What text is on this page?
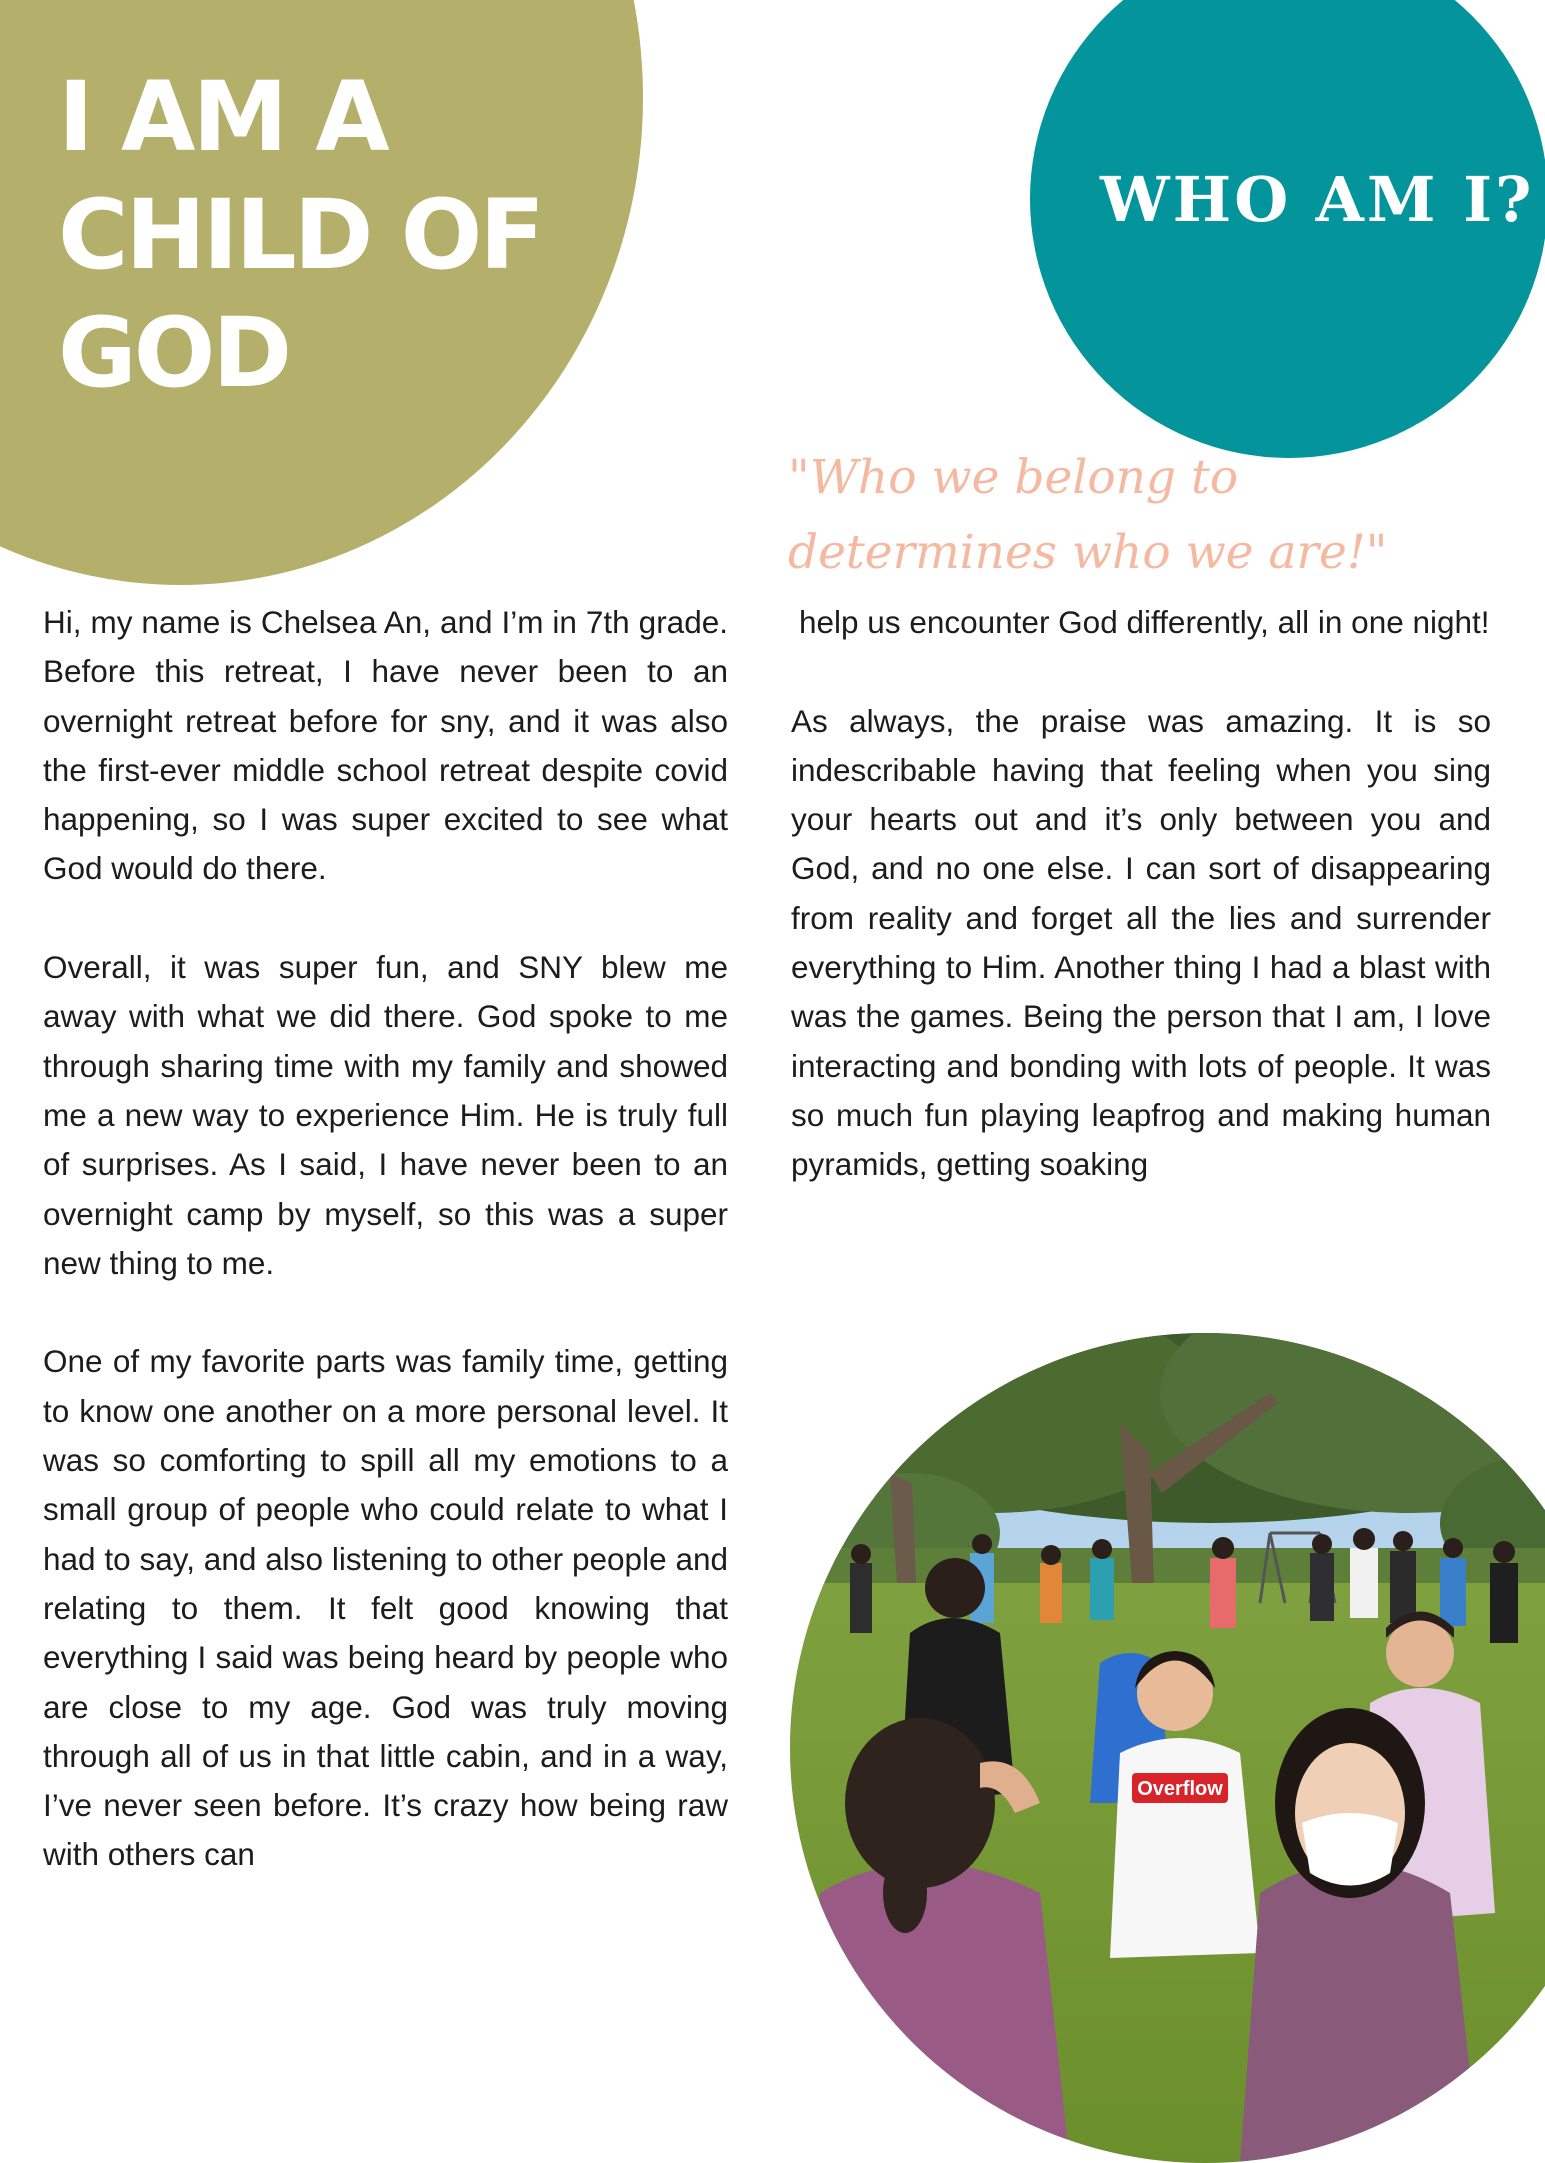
I AM A
CHILD OF
GOD
WHO AM I?
"Who we belong to
determines who we are!"

Hi, my name is Chelsea An, and I’m in 7th grade. Before this retreat, I have never been to an overnight retreat before for sny, and it was also the first-ever middle school retreat despite covid happening, so I was super excited to see what God would do there.

Overall, it was super fun, and SNY blew me away with what we did there. God spoke to me through sharing time with my family and showed me a new way to experience Him. He is truly full of surprises. As I said, I have never been to an overnight camp by myself, so this was a super new thing to me.

One of my favorite parts was family time, getting to know one another on a more personal level. It was so comforting to spill all my emotions to a small group of people who could relate to what I had to say, and also listening to other people and relating to them. It felt good knowing that everything I said was being heard by people who are close to my age. God was truly moving through all of us in that little cabin, and in a way, I’ve never seen before. It’s crazy how being raw with others can

help us encounter God differently, all in one night!

As always, the praise was amazing. It is so indescribable having that feeling when you sing your hearts out and it’s only between you and God, and no one else. I can sort of disappearing from reality and forget all the lies and surrender everything to Him. Another thing I had a blast with was the games. Being the person that I am, I love interacting and bonding with lots of people. It was so much fun playing leapfrog and making human pyramids, getting soaking

Overflow
